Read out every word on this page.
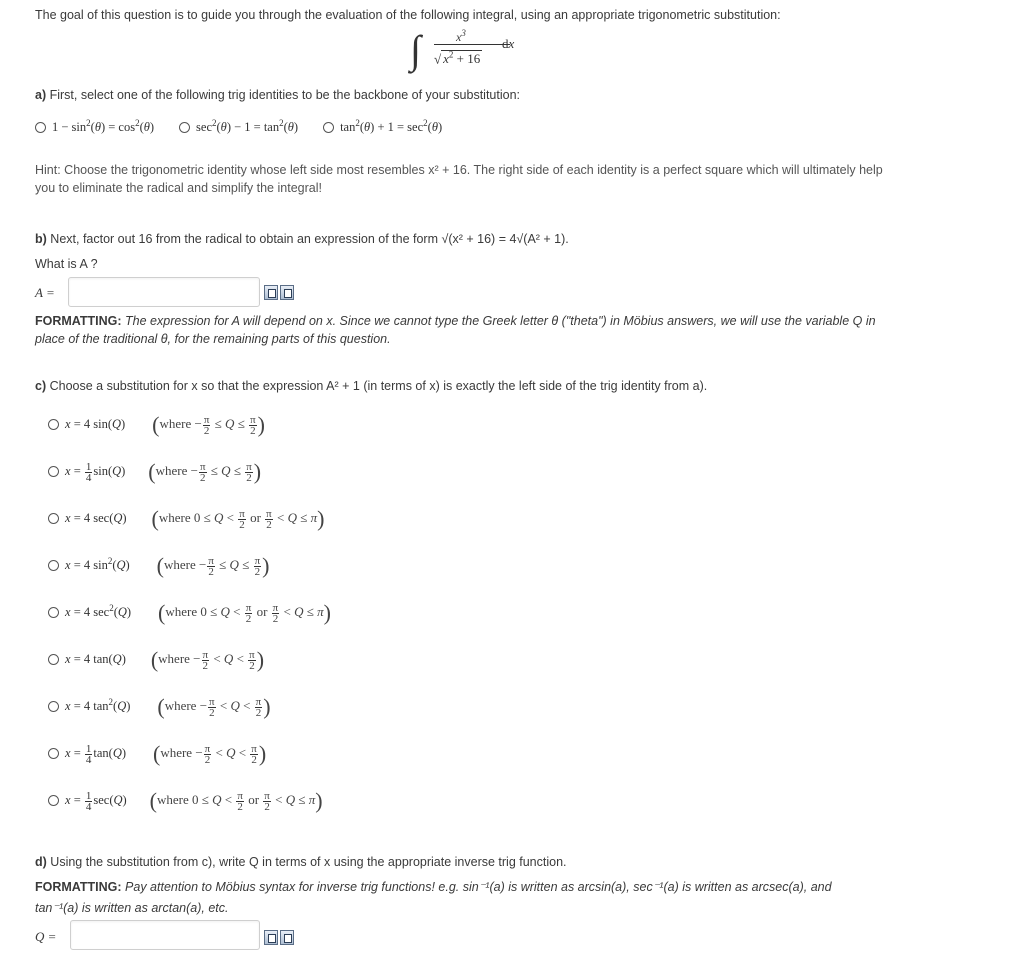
The goal of this question is to guide you through the evaluation of the following integral, using an appropriate trigonometric substitution:
∫	$x^3$
√ $x^2 + 16$
dx
a) First, select one of the following trig identities to be the backbone of your substitution:
$1 - \sin^2(\theta) = \cos^2(\theta)$	$\sec^2(\theta) - 1 = \tan^2(\theta)$	$\tan^2(\theta) + 1 = \sec^2(\theta)$
Hint: Choose the trigonometric identity whose left side most resembles x² + 16. The right side of each identity is a perfect square which will ultimately help
you to eliminate the radical and simplify the integral!
b) Next, factor out 16 from the radical to obtain an expression of the form √(x² + 16) = 4√(A² + 1).
What is A ?
A =
FORMATTING: The expression for A will depend on x. Since we cannot type the Greek letter θ ("theta") in Möbius answers, we will use the variable Q in
place of the traditional θ, for the remaining parts of this question.
c) Choose a substitution for x so that the expression A² + 1 (in terms of x) is exactly the left side of the trig identity from a).
x = 4 sin(Q) (where − $\frac{\pi}{2} \le Q \le \frac{\pi}{2}$ )
$x = \frac{1}{4} \sin(Q)$ (where − $\frac{\pi}{2} \le Q \le \frac{\pi}{2}$ )
x = 4 sec(Q) (where $0 \le Q < \frac{\pi}{2}$ or $\frac{\pi}{2} < Q \le \pi$)
x = 4 $\sin^2(Q)$ (where − $\frac{\pi}{2} \le Q \le \frac{\pi}{2}$ )
x = 4 $\sec^2(Q)$ (where $0 \le Q < \frac{\pi}{2}$ or $\frac{\pi}{2} < Q \le \pi$)
x = 4 tan(Q) (where − $\frac{\pi}{2} < Q < \frac{\pi}{2}$ )
x = 4 $\tan^2(Q)$ (where − $\frac{\pi}{2} < Q < \frac{\pi}{2}$ )
$x = \frac{1}{4} \tan(Q)$ (where − $\frac{\pi}{2} < Q < \frac{\pi}{2}$ )
$x = \frac{1}{4} \sec(Q)$ (where $0 \le Q < \frac{\pi}{2}$ or $\frac{\pi}{2} < Q \le \pi$)
d) Using the substitution from c), write Q in terms of x using the appropriate inverse trig function.
FORMATTING: Pay attention to Möbius syntax for inverse trig functions! e.g. sin⁻¹(a) is written as arcsin(a), sec⁻¹(a) is written as arcsec(a), and
tan⁻¹(a) is written as arctan(a), etc.
Q =
